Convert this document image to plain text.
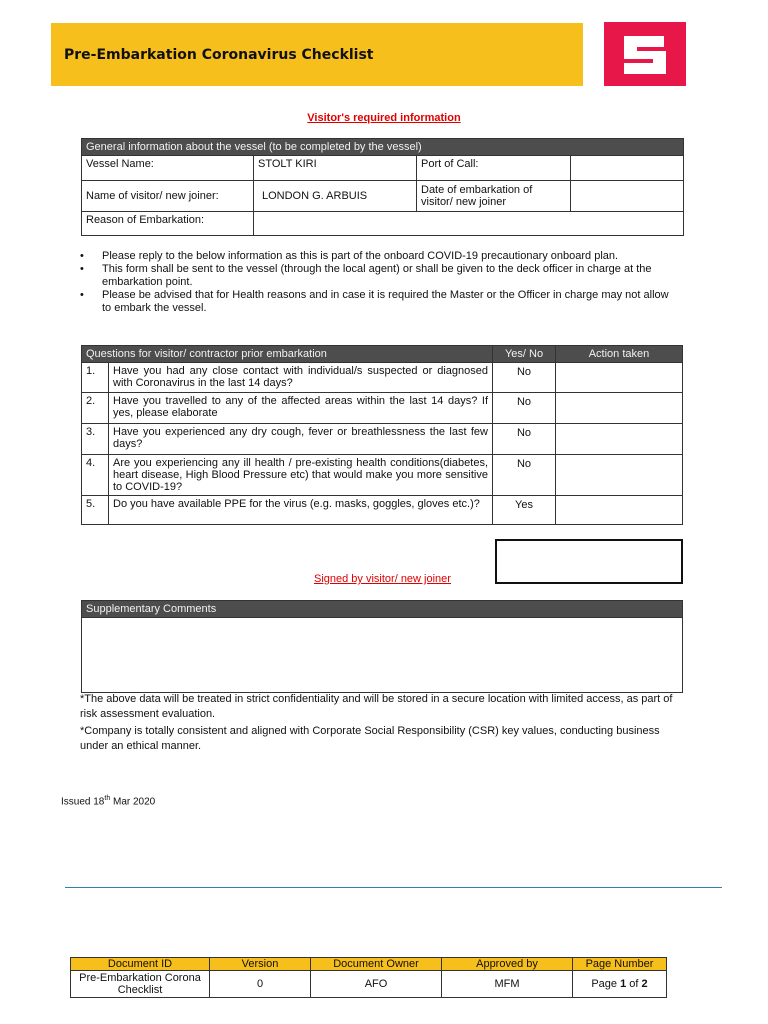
Pre-Embarkation Coronavirus Checklist
Visitor's required information
General information about the vessel (to be completed by the vessel)			
Vessel Name:	STOLT KIRI	Port of Call:	
Name of visitor/ new joiner:	LONDON G. ARBUIS	Date of embarkation of visitor/ new joiner	
Reason of Embarkation:			
• Please reply to the below information as this is part of the onboard COVID-19 precautionary onboard plan.
• This form shall be sent to the vessel (through the local agent) or shall be given to the deck officer in charge at the embarkation point.
• Please be advised that for Health reasons and in case it is required the Master or the Officer in charge may not allow to embark the vessel.
Questions for visitor/ contractor prior embarkation		Yes/ No	Action taken
1.	Have you had any close contact with individual/s suspected or diagnosed with Coronavirus in the last 14 days?	No	
2.	Have you travelled to any of the affected areas within the last 14 days? If yes, please elaborate	No	
3.	Have you experienced any dry cough, fever or breathlessness the last few days?	No	
4.	Are you experiencing any ill health / pre-existing health conditions(diabetes, heart disease, High Blood Pressure etc) that would make you more sensitive to COVID-19?	No	
5.	Do you have available PPE for the virus (e.g. masks, goggles, gloves etc.)?	Yes	
Signed by visitor/ new joiner
Supplementary Comments

*The above data will be treated in strict confidentiality and will be stored in a secure location with limited access, as part of risk assessment evaluation.

*Company is totally consistent and aligned with Corporate Social Responsibility (CSR) key values, conducting business under an ethical manner.

Issued 18th Mar 2020
Document ID	Version	Document Owner	Approved by	Page Number
Pre-Embarkation Corona Checklist	0	AFO	MFM	Page 1 of 2
